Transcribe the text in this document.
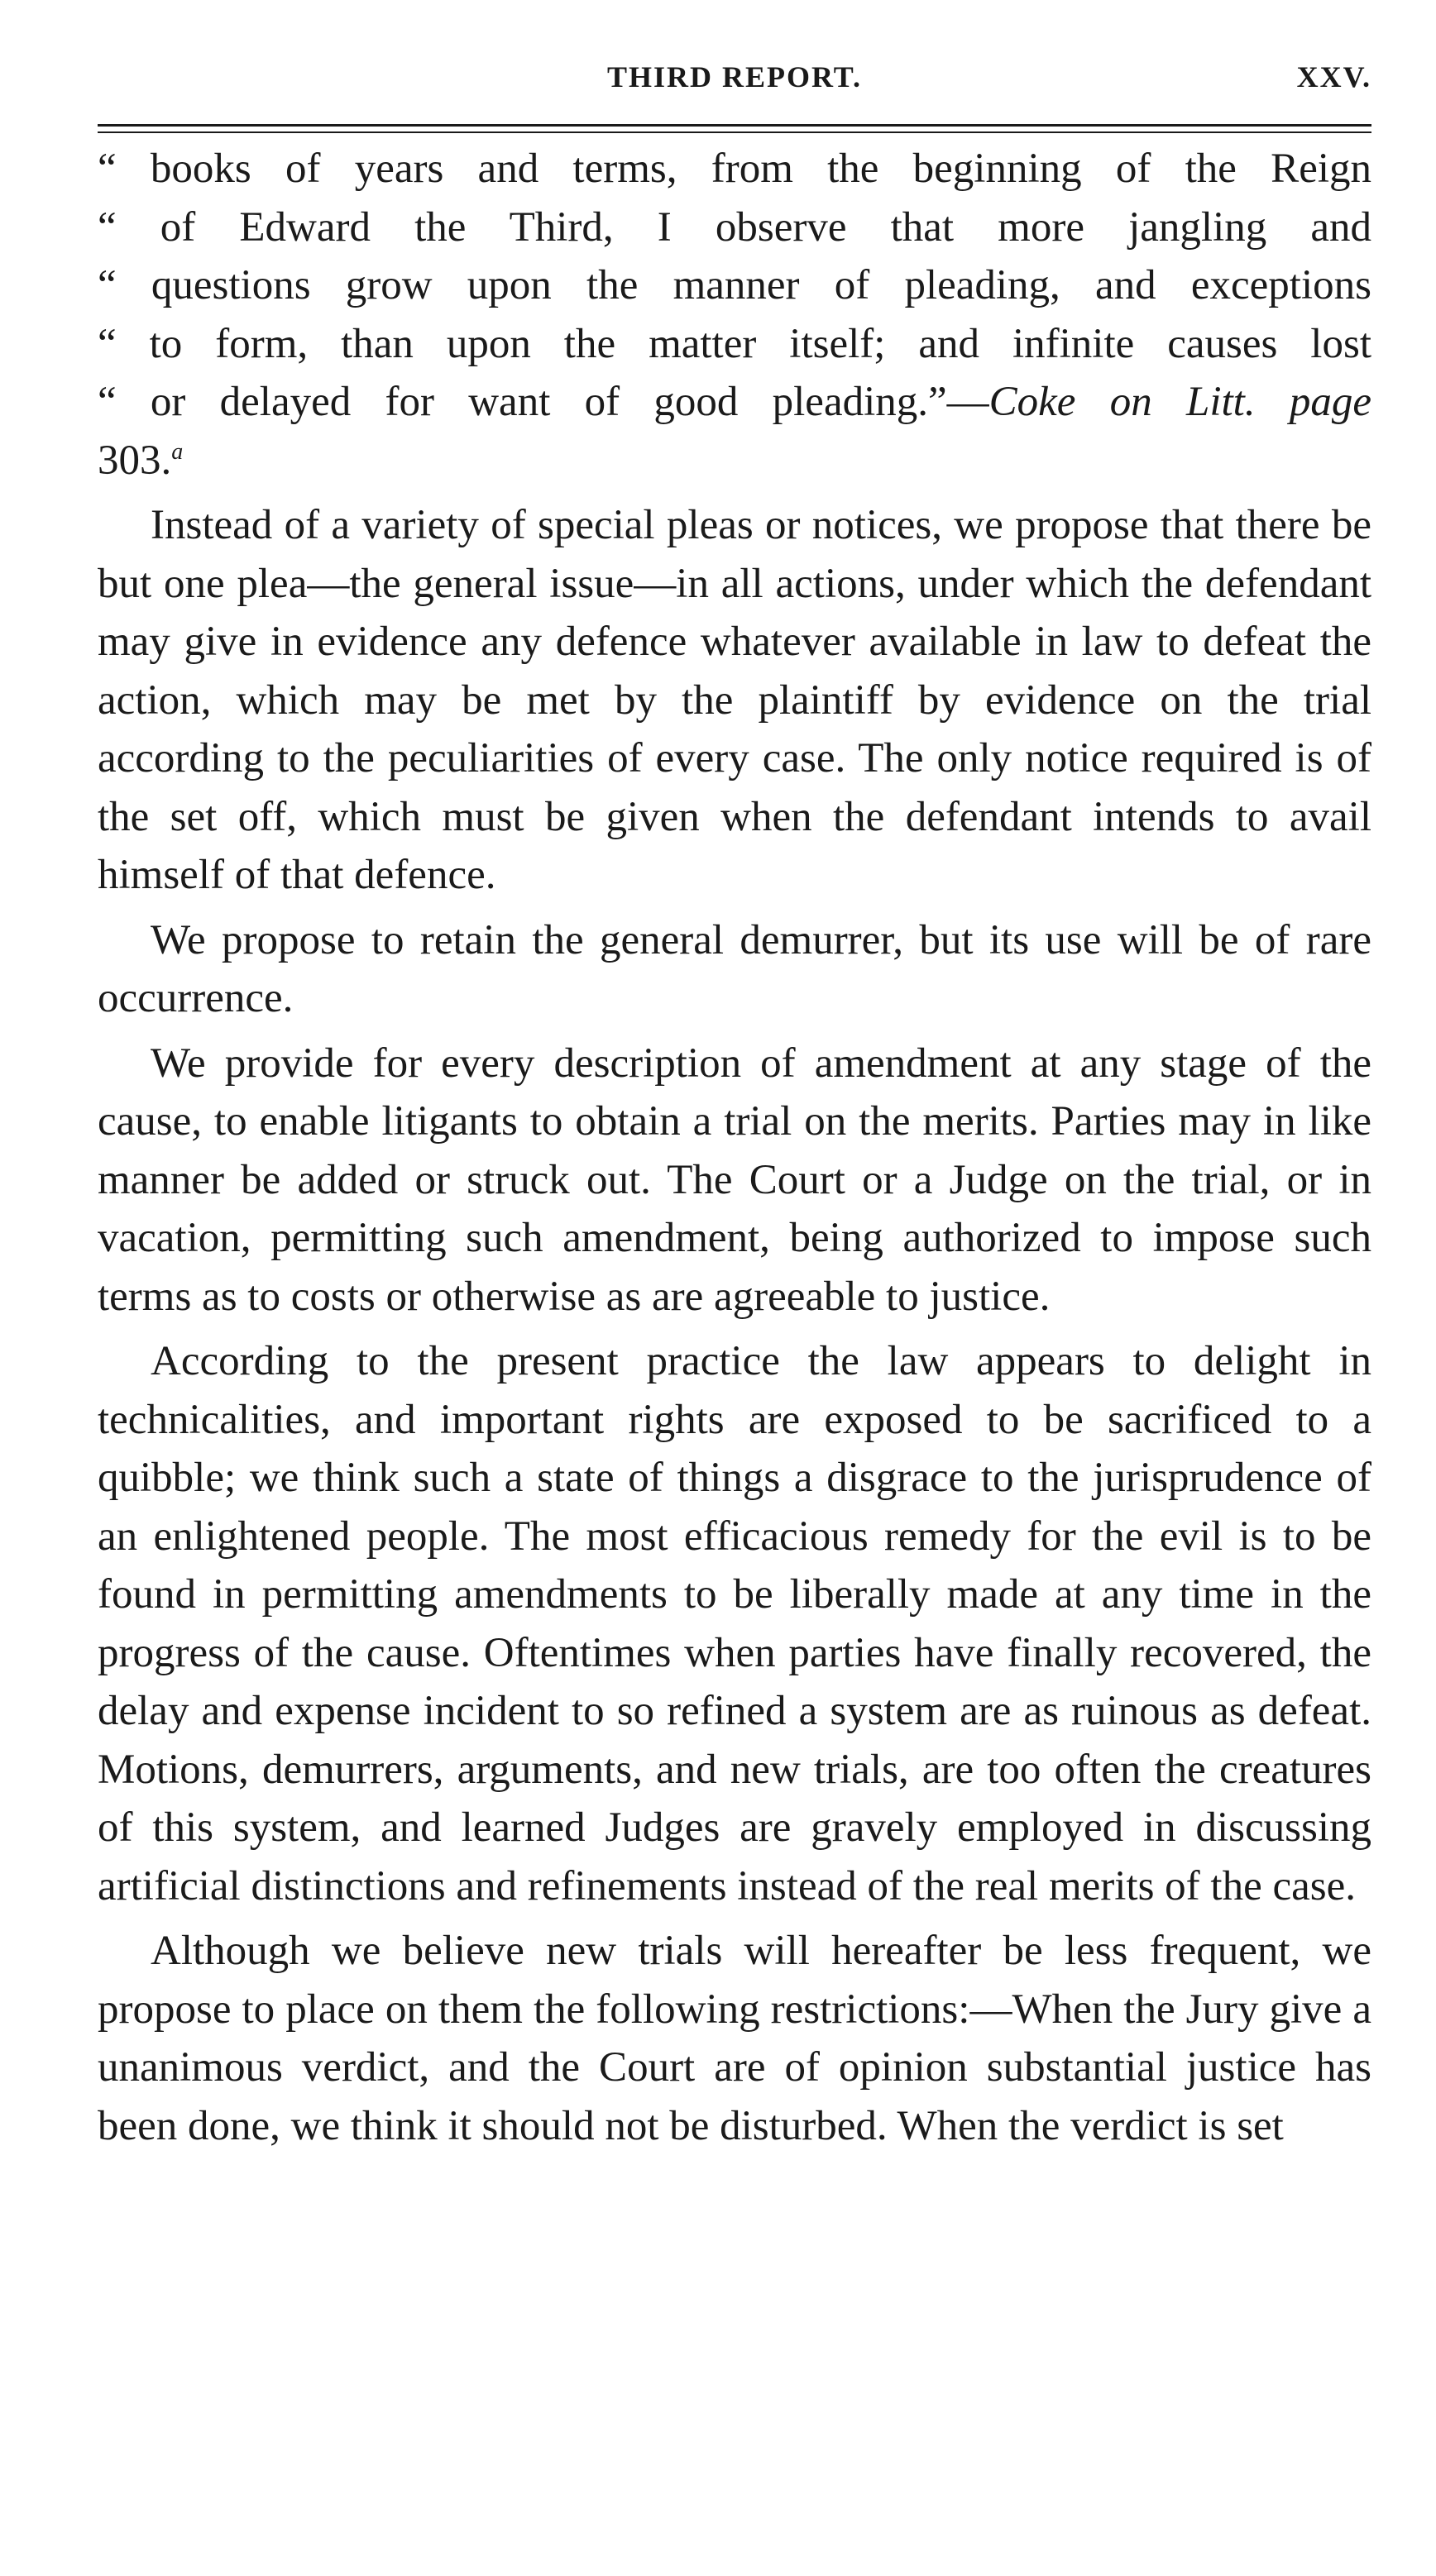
THIRD REPORT.	XXV.

“ books of years and terms, from the beginning of the Reign
“ of Edward the Third, I observe that more jangling and
“ questions grow upon the manner of pleading, and exceptions
“ to form, than upon the matter itself; and infinite causes lost
“ or delayed for want of good pleading.”—Coke on Litt. page
303.$^a$

Instead of a variety of special pleas or notices, we propose that there be but one plea—the general issue—in all actions, under which the defendant may give in evidence any defence whatever available in law to defeat the action, which may be met by the plaintiff by evidence on the trial according to the peculiarities of every case. The only notice required is of the set off, which must be given when the defendant intends to avail himself of that defence.

We propose to retain the general demurrer, but its use will be of rare occurrence.

We provide for every description of amendment at any stage of the cause, to enable litigants to obtain a trial on the merits. Parties may in like manner be added or struck out. The Court or a Judge on the trial, or in vacation, permitting such amendment, being authorized to impose such terms as to costs or otherwise as are agreeable to justice.

According to the present practice the law appears to delight in technicalities, and important rights are exposed to be sacrificed to a quibble; we think such a state of things a disgrace to the jurisprudence of an enlightened people. The most efficacious remedy for the evil is to be found in permitting amendments to be liberally made at any time in the progress of the cause. Oftentimes when parties have finally recovered, the delay and expense incident to so refined a system are as ruinous as defeat. Motions, demurrers, arguments, and new trials, are too often the creatures of this system, and learned Judges are gravely employed in discussing artificial distinctions and refinements instead of the real merits of the case.

Although we believe new trials will hereafter be less frequent, we propose to place on them the following restrictions:—When the Jury give a unanimous verdict, and the Court are of opinion substantial justice has been done, we think it should not be disturbed. When the verdict is set
